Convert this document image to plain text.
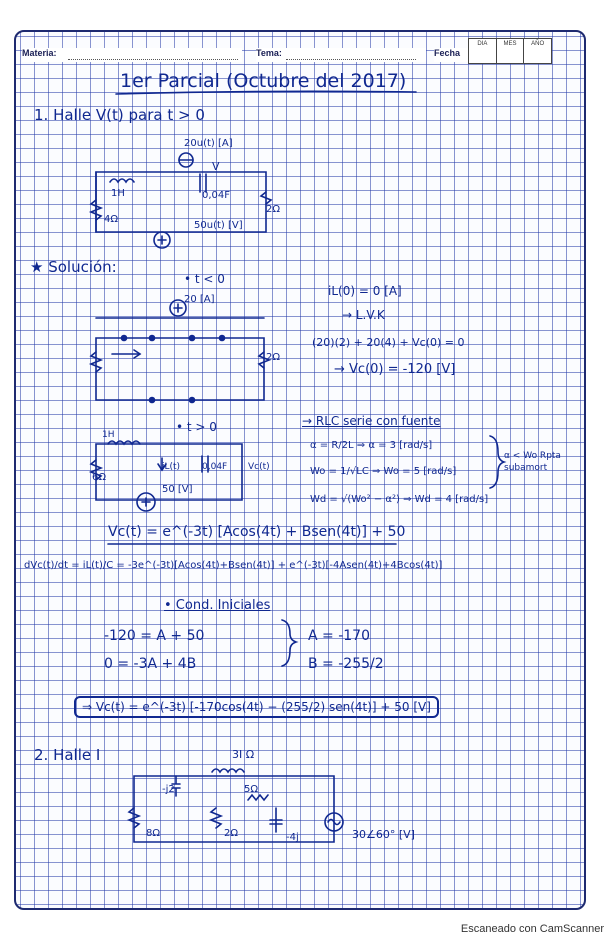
Materia:	Tema:	Fecha
DIA	MES	AÑO
1er Parcial (Octubre del 2017)
1. Halle V(t) para t > 0
20u(t) [A]
V
1H	0,04F
4Ω
2Ω
50u(t) [V]
★ Solución:
• t < 0
20 [A]
2Ω
iL(0) = 0 [A]
→ L.V.K
(20)(2) + 20(4) + Vc(0) = 0
→ Vc(0) = -120 [V]
• t > 0
1H
6Ω
iL(t) 0,04F Vc(t)
50 [V]
→ RLC serie con fuente
α = R/2L ⇒ α = 3 [rad/s]
Wo = 1/√LC ⇒ Wo = 5 [rad/s]
Wd = √(Wo² − α²) ⇒ Wd = 4 [rad/s]
α < Wo Rpta subamort
Vc(t) = e^(-3t) [Acos(4t) + Bsen(4t)] + 50
dVc(t)/dt = iL(t)/C = -3e^(-3t)[Acos(4t)+Bsen(4t)] + e^(-3t)[-4Asen(4t)+4Bcos(4t)]
• Cond. Iniciales
-120 = A + 50
0 = -3A + 4B
A = -170
B = -255/2
⇒ Vc(t) = e^(-3t) [-170cos(4t) − (255/2) sen(4t)] + 50 [V]
2. Halle I	3I Ω
-j2	5Ω
8Ω	2Ω	-4j	30∠60° [V]
Escaneado con CamScanner
